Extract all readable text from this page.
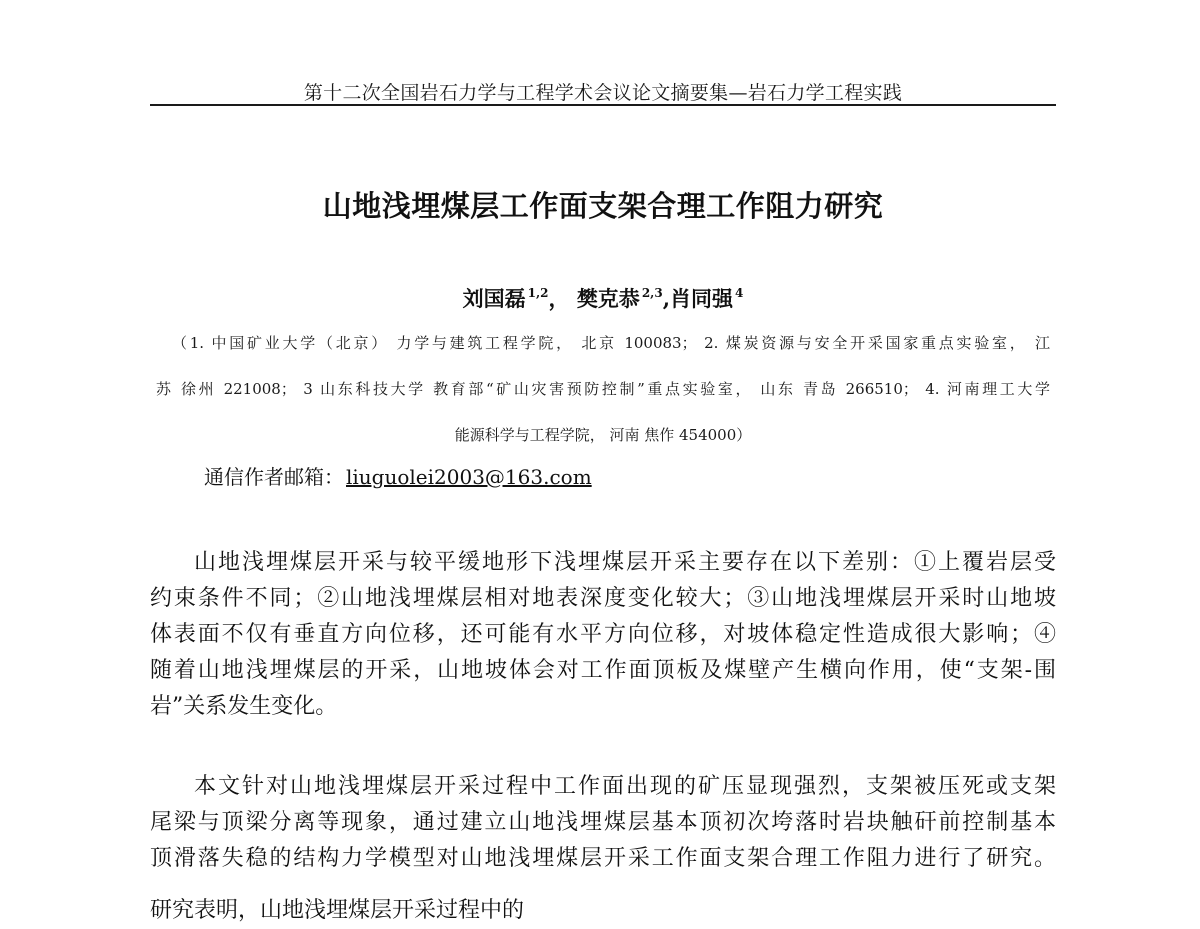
第十二次全国岩石力学与工程学术会议论文摘要集—岩石力学工程实践
山地浅埋煤层工作面支架合理工作阻力研究
刘国磊 $^{1,2}$， 樊克恭 $^{2,3}$,肖同强 $^4$
（1. 中国矿业大学（北京） 力学与建筑工程学院， 北京 100083； 2. 煤炭资源与安全开采国家重点实验室， 江
苏 徐州 221008； 3 山东科技大学 教育部“矿山灾害预防控制”重点实验室， 山东 青岛 266510； 4. 河南理工大学
能源科学与工程学院， 河南 焦作 454000）
通信作者邮箱： liuguolei2003@163.com
山地浅埋煤层开采与较平缓地形下浅埋煤层开采主要存在以下差别：①上覆岩层受
约束条件不同；②山地浅埋煤层相对地表深度变化较大；③山地浅埋煤层开采时山地坡
体表面不仅有垂直方向位移，还可能有水平方向位移，对坡体稳定性造成很大影响；④
随着山地浅埋煤层的开采，山地坡体会对工作面顶板及煤壁产生横向作用，使“支架-围
岩”关系发生变化。
本文针对山地浅埋煤层开采过程中工作面出现的矿压显现强烈，支架被压死或支架
尾梁与顶梁分离等现象，通过建立山地浅埋煤层基本顶初次垮落时岩块触矸前控制基本
顶滑落失稳的结构力学模型对山地浅埋煤层开采工作面支架合理工作阻力进行了研究。
研究表明，山地浅埋煤层开采过程中的
